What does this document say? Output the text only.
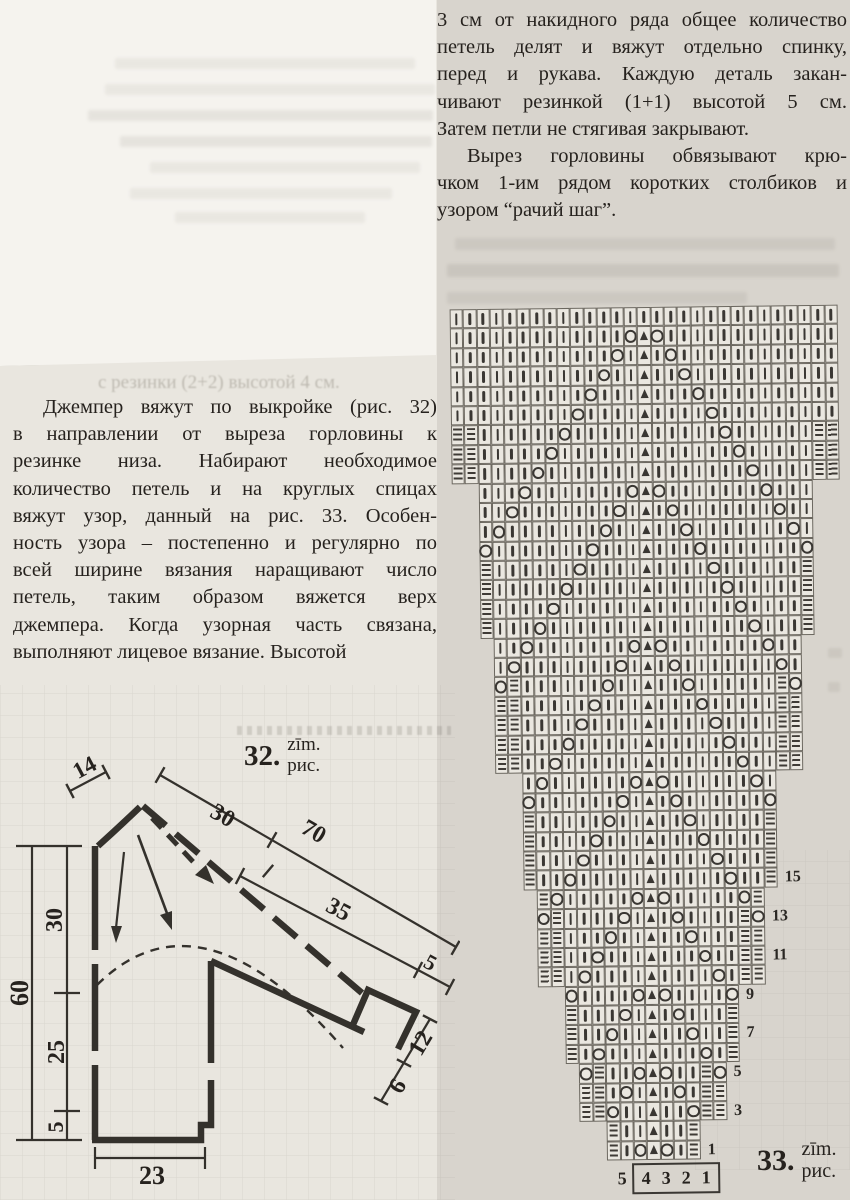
с резинки (2+2) высотой 4 см.
3 см от накидного ряда общее количество
петель делят и вяжут отдельно спинку,
перед и рукава. Каждую деталь закан-
чивают резинкой (1+1) высотой 5 см.
Затем петли не стягивая закрывают.
Вырез горловины обвязывают крю-
чком 1-им рядом коротких столбиков и
узором “рачий шаг”.
Джемпер вяжут по выкройке (рис. 32)
в направлении от выреза горловины к
резинке низа. Набирают необходимое
количество петель и на круглых спицах
вяжут узор, данный на рис. 33. Особен-
ность узора – постепенно и регулярно по
всей ширине вязания наращивают число
петель, таким образом вяжется верх
джемпера. Когда узорная часть связана,
выполняют лицевое вязание. Высотой
32. zīm.
рис.
14
30 70
35
5
60
30
25
5
23
12
6
15
13
11
9
7
5
3
1
5 4 3 2 1
33. zīm.
рис.
